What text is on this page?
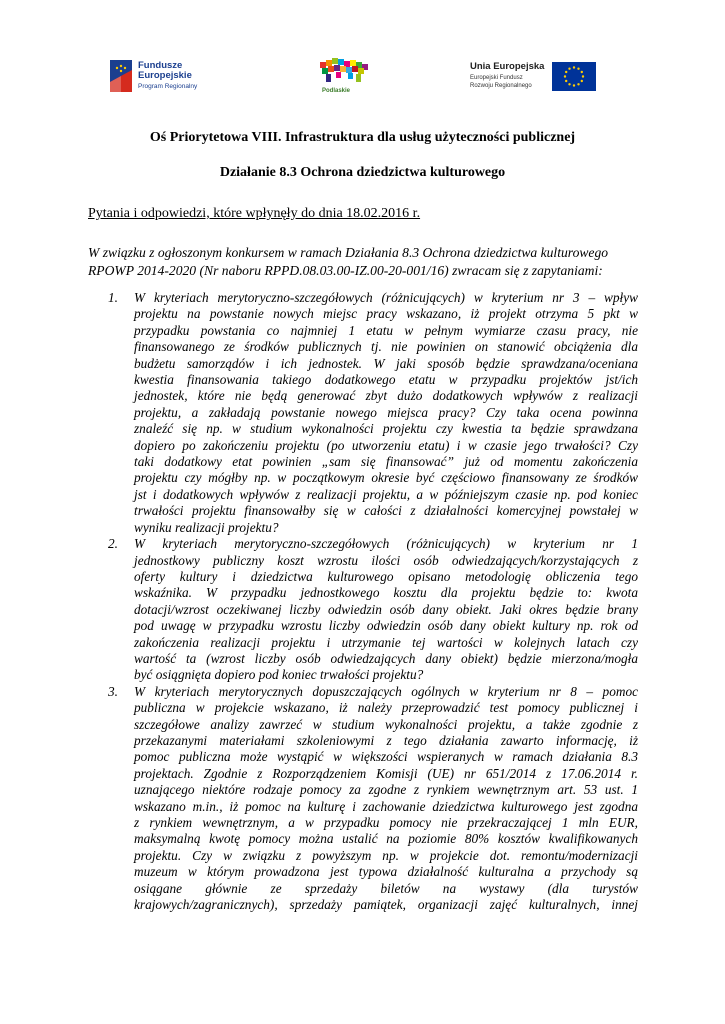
Fundusze
Europejskie
Program Regionalny
Podlaskie
Unia Europejska
Europejski Fundusz
Rozwoju Regionalnego
Oś Priorytetowa VIII. Infrastruktura dla usług użyteczności publicznej
Działanie 8.3 Ochrona dziedzictwa kulturowego
Pytania i odpowiedzi, które wpłynęły do dnia 18.02.2016 r.
W związku z ogłoszonym konkursem w ramach Działania 8.3 Ochrona dziedzictwa kulturowego
RPOWP 2014-2020 (Nr naboru RPPD.08.03.00-IZ.00-20-001/16) zwracam się z zapytaniami:
1. W kryteriach merytoryczno-szczegółowych (różnicujących) w kryterium nr 3 – wpływ
projektu na powstanie nowych miejsc pracy wskazano, iż projekt otrzyma 5 pkt w
przypadku powstania co najmniej 1 etatu w pełnym wymiarze czasu pracy, nie
finansowanego ze środków publicznych tj. nie powinien on stanowić obciążenia dla
budżetu samorządów i ich jednostek. W jaki sposób będzie sprawdzana/oceniana
kwestia finansowania takiego dodatkowego etatu w przypadku projektów jst/ich
jednostek, które nie będą generować zbyt dużo dodatkowych wpływów z realizacji
projektu, a zakładają powstanie nowego miejsca pracy? Czy taka ocena powinna
znaleźć się np. w studium wykonalności projektu czy kwestia ta będzie sprawdzana
dopiero po zakończeniu projektu (po utworzeniu etatu) i w czasie jego trwałości? Czy
taki dodatkowy etat powinien „sam się finansować” już od momentu zakończenia
projektu czy mógłby np. w początkowym okresie być częściowo finansowany ze środków
jst i dodatkowych wpływów z realizacji projektu, a w późniejszym czasie np. pod koniec
trwałości projektu finansowałby się w całości z działalności komercyjnej powstałej w
wyniku realizacji projektu?
2. W kryteriach merytoryczno-szczegółowych (różnicujących) w kryterium nr 1
jednostkowy publiczny koszt wzrostu ilości osób odwiedzających/korzystających z
oferty kultury i dziedzictwa kulturowego opisano metodologię obliczenia tego
wskaźnika. W przypadku jednostkowego kosztu dla projektu będzie to: kwota
dotacji/wzrost oczekiwanej liczby odwiedzin osób dany obiekt. Jaki okres będzie brany
pod uwagę w przypadku wzrostu liczby odwiedzin osób dany obiekt kultury np. rok od
zakończenia realizacji projektu i utrzymanie tej wartości w kolejnych latach czy
wartość ta (wzrost liczby osób odwiedzających dany obiekt) będzie mierzona/mogła
być osiągnięta dopiero pod koniec trwałości projektu?
3. W kryteriach merytorycznych dopuszczających ogólnych w kryterium nr 8 – pomoc
publiczna w projekcie wskazano, iż należy przeprowadzić test pomocy publicznej i
szczegółowe analizy zawrzeć w studium wykonalności projektu, a także zgodnie z
przekazanymi materiałami szkoleniowymi z tego działania zawarto informację, iż
pomoc publiczna może wystąpić w większości wspieranych w ramach działania 8.3
projektach. Zgodnie z Rozporządzeniem Komisji (UE) nr 651/2014 z 17.06.2014 r.
uznającego niektóre rodzaje pomocy za zgodne z rynkiem wewnętrznym art. 53 ust. 1
wskazano m.in., iż pomoc na kulturę i zachowanie dziedzictwa kulturowego jest zgodna
z rynkiem wewnętrznym, a w przypadku pomocy nie przekraczającej 1 mln EUR,
maksymalną kwotę pomocy można ustalić na poziomie 80% kosztów kwalifikowanych
projektu. Czy w związku z powyższym np. w projekcie dot. remontu/modernizacji
muzeum w którym prowadzona jest typowa działalność kulturalna a przychody są
osiągane głównie ze sprzedaży biletów na wystawy (dla turystów
krajowych/zagranicznych), sprzedaży pamiątek, organizacji zajęć kulturalnych, innej
